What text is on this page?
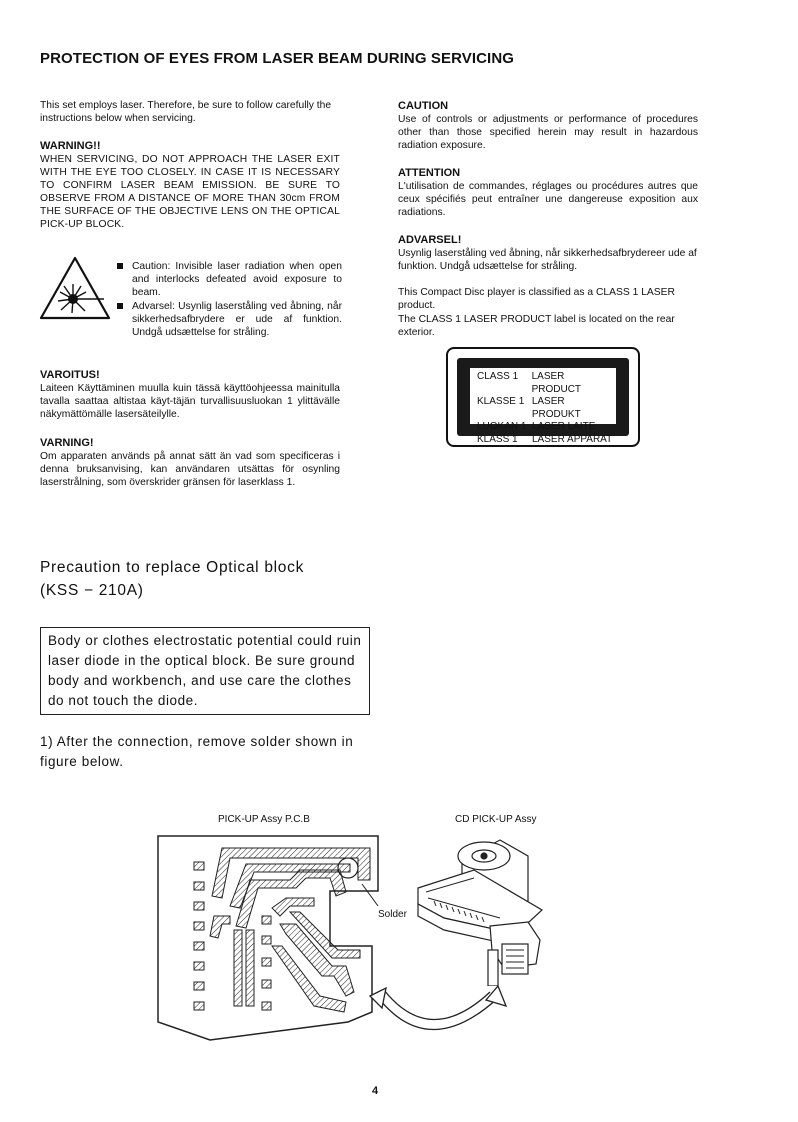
PROTECTION OF EYES FROM LASER BEAM DURING SERVICING
This set employs laser. Therefore, be sure to follow carefully the instructions below when servicing.
WARNING!!
WHEN SERVICING, DO NOT APPROACH THE LASER EXIT WITH THE EYE TOO CLOSELY. IN CASE IT IS NECESSARY TO CONFIRM LASER BEAM EMISSION. BE SURE TO OBSERVE FROM A DISTANCE OF MORE THAN 30cm FROM THE SURFACE OF THE OBJECTIVE LENS ON THE OPTICAL PICK-UP BLOCK.
Caution: Invisible laser radiation when open and interlocks defeated avoid exposure to beam.
Advarsel: Usynlig laserståling ved åbning, når sikkerhedsafbrydere er ude af funktion. Undgå udsættelse for stråling.
VAROITUS!
Laiteen Käyttäminen muulla kuin tässä käyttöohjeessa mainitulla tavalla saattaa altistaa käyt-täjän turvallisuusluokan 1 ylittävälle näkymättömälle lasersäteilylle.
VARNING!
Om apparaten används på annat sätt än vad som specificeras i denna bruksanvising, kan användaren utsättas för osynling laserstrålning, som överskrider gränsen för laserklass 1.
CAUTION
Use of controls or adjustments or performance of procedures other than those specified herein may result in hazardous radiation exposure.
ATTENTION
L'utilisation de commandes, réglages ou procédures autres que ceux spécifiés peut entraîner une dangereuse exposition aux radiations.
ADVARSEL!
Usynlig laserståling ved åbning, når sikkerhedsafbrydereer ude af funktion. Undgå udsættelse for stråling.
This Compact Disc player is classified as a CLASS 1 LASER product.
The CLASS 1 LASER PRODUCT label is located on the rear exterior.
CLASS 1	LASER PRODUCT
KLASSE 1 LASER PRODUKT
LUOKAN 1 LASER LAITE
KLASS 1	LASER APPARAT
Precaution to replace Optical block
(KSS − 210A)
Body or clothes electrostatic potential could ruin laser diode in the optical block. Be sure ground body and workbench, and use care the clothes do not touch the diode.
1) After the connection, remove solder shown in figure below.
PICK-UP Assy P.C.B	CD PICK-UP Assy
Solder
4
